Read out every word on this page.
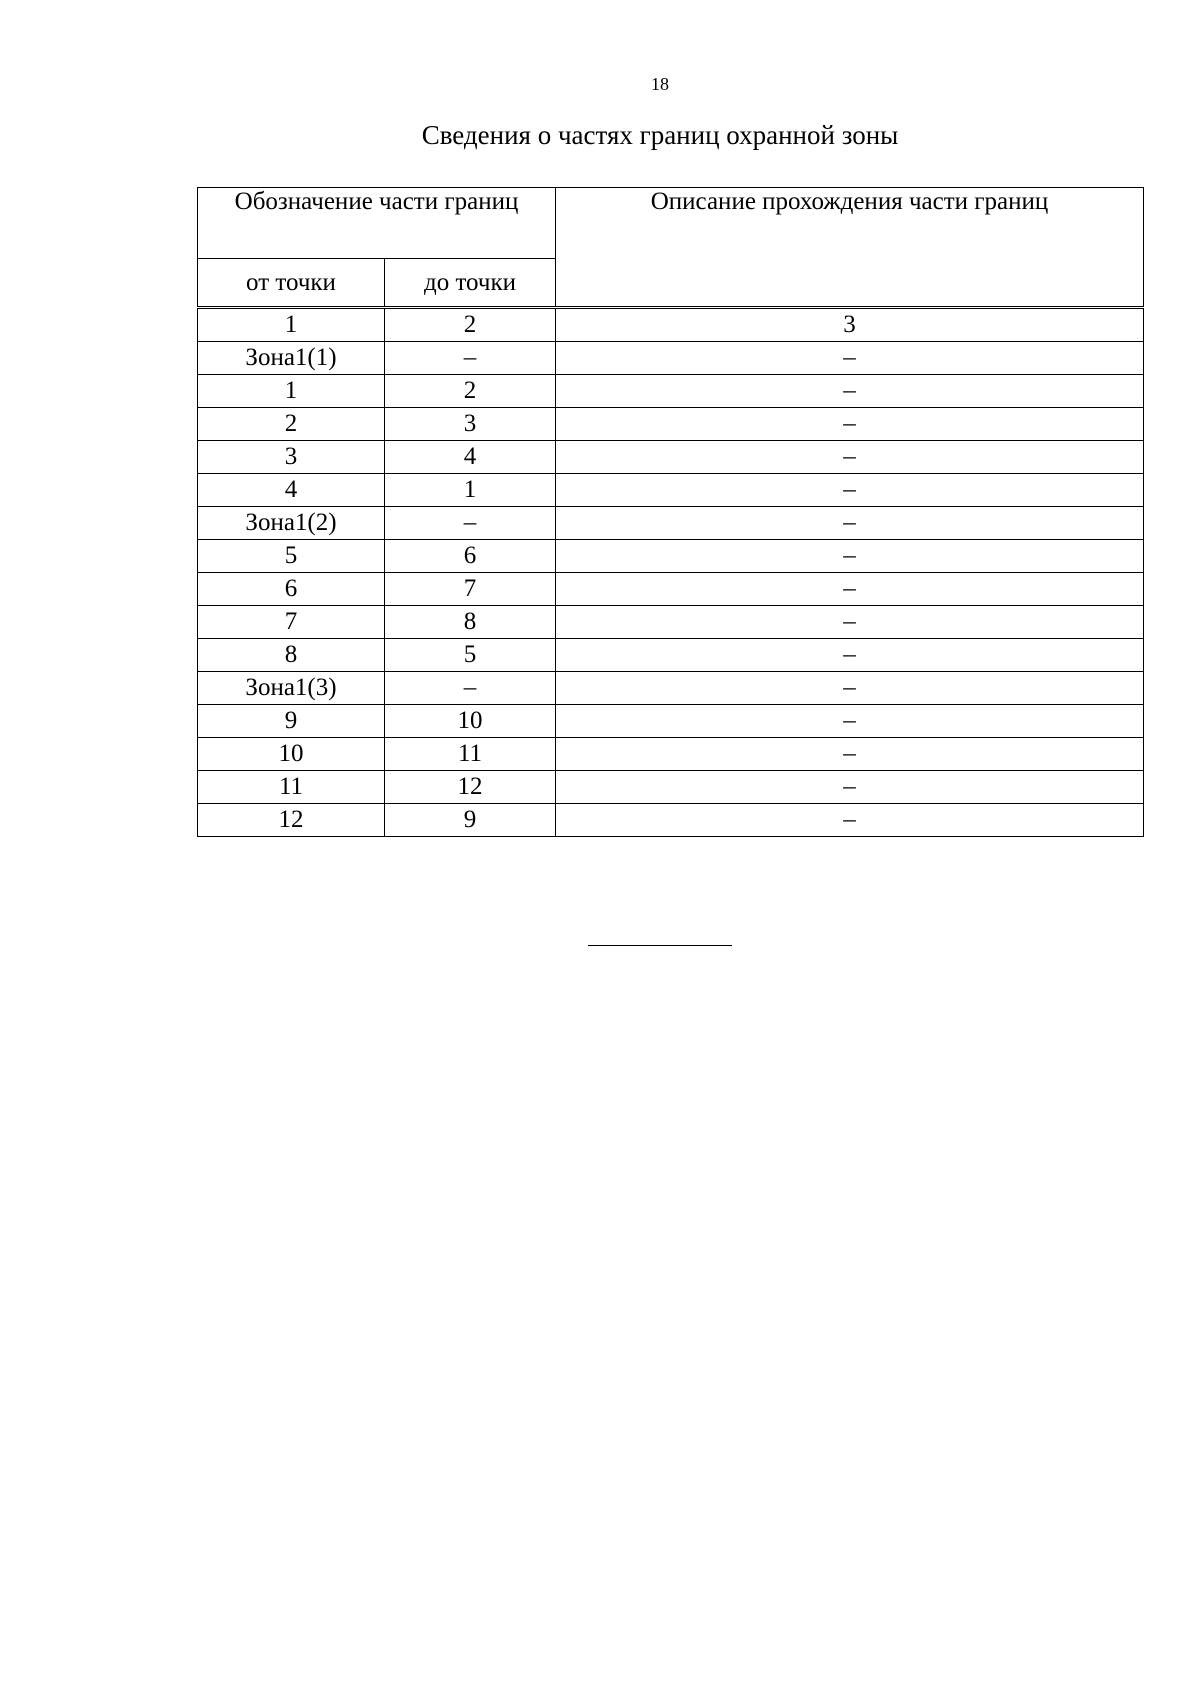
18
Сведения о частях границ охранной зоны
Обозначение части границ		Описание прохождения части границ
от точки	до точки	

1	2	3
Зона1(1)	–	–
1	2	–
2	3	–
3	4	–
4	1	–
Зона1(2)	–	–
5	6	–
6	7	–
7	8	–
8	5	–
Зона1(3)	–	–
9	10	–
10	11	–
11	12	–
12	9	–
